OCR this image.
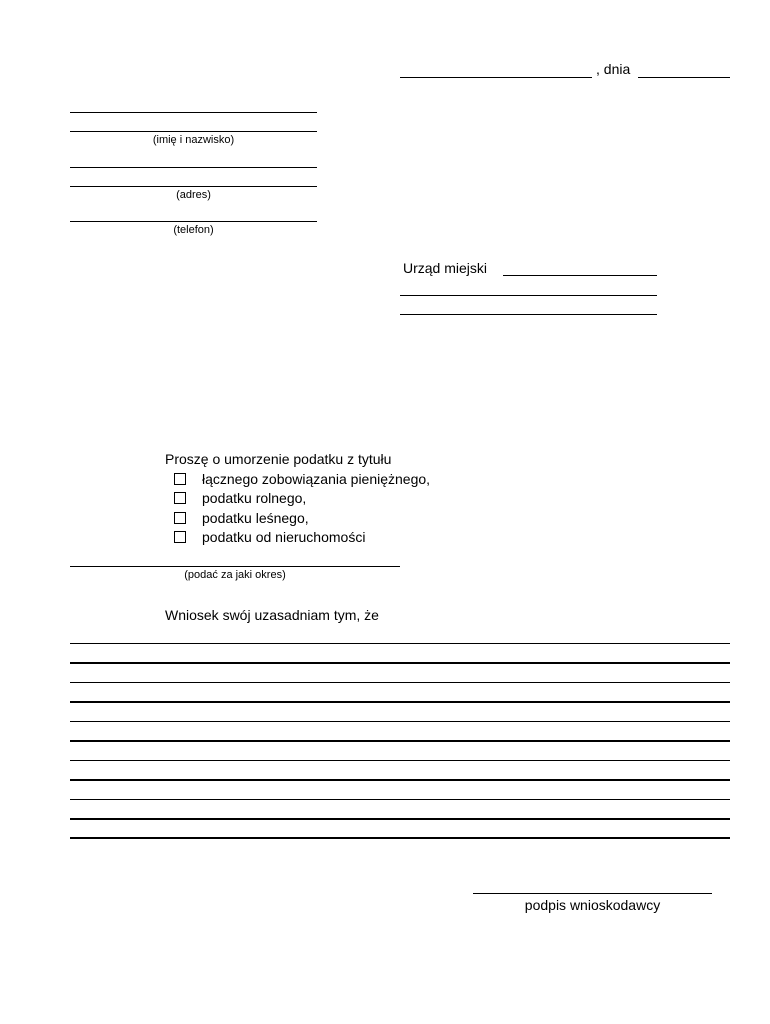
, dnia
(imię i nazwisko)
(adres)
(telefon)
Urząd miejski
Proszę o umorzenie podatku z tytułu
łącznego zobowiązania pieniężnego,
podatku rolnego,
podatku leśnego,
podatku od nieruchomości
(podać za jaki okres)
Wniosek swój uzasadniam tym, że
podpis wnioskodawcy
